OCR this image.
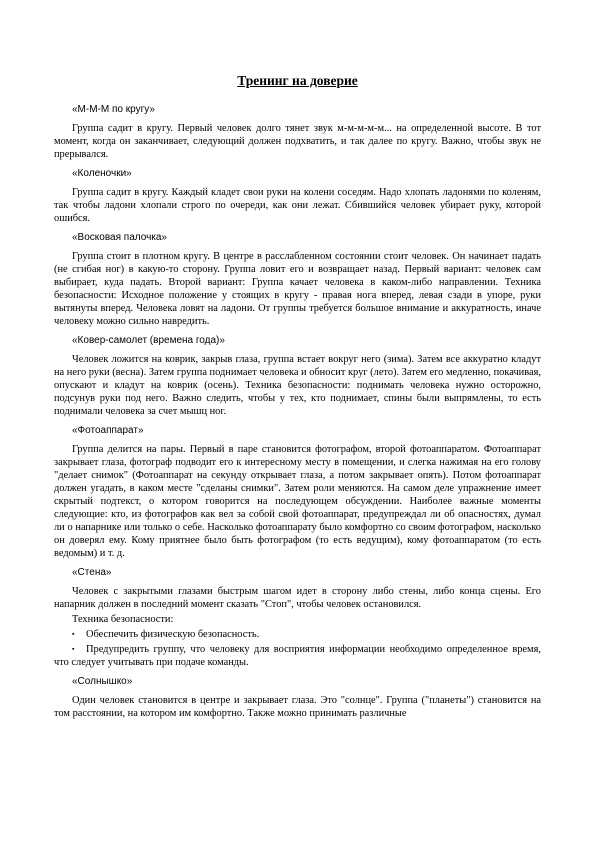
Тренинг на доверие
«М-М-М по кругу»

Группа садит в кругу. Первый человек долго тянет звук м-м-м-м-м... на определенной высоте. В тот момент, когда он заканчивает, следующий должен подхватить, и так далее по кругу. Важно, чтобы звук не прерывался.

«Коленочки»

Группа садит в кругу. Каждый кладет свои руки на колени соседям. Надо хлопать ладонями по коленям, так чтобы ладони хлопали строго по очереди, как они лежат. Сбившийся человек убирает руку, которой ошибся.

«Восковая палочка»

Группа стоит в плотном кругу. В центре в расслабленном состоянии стоит человек. Он начинает падать (не сгибая ног) в какую-то сторону. Группа ловит его и возвращает назад. Первый вариант: человек сам выбирает, куда падать. Второй вариант: Группа качает человека в каком-либо направлении. Техника безопасности: Исходное положение у стоящих в кругу - правая нога вперед, левая сзади в упоре, руки вытянуты вперед. Человека ловят на ладони. От группы требуется большое внимание и аккуратность, иначе человеку можно сильно навредить.

«Ковер-самолет (времена года)»

Человек ложится на коврик, закрыв глаза, группа встает вокруг него (зима). Затем все аккуратно кладут на него руки (весна). Затем группа поднимает человека и обносит круг (лето). Затем его медленно, покачивая, опускают и кладут на коврик (осень). Техника безопасности: поднимать человека нужно осторожно, подсунув руки под него. Важно следить, чтобы у тех, кто поднимает, спины были выпрямлены, то есть поднимали человека за счет мышц ног.

«Фотоаппарат»

Группа делится на пары. Первый в паре становится фотографом, второй фотоаппаратом. Фотоаппарат закрывает глаза, фотограф подводит его к интересному месту в помещении, и слегка нажимая на его голову "делает снимок" (Фотоаппарат на секунду открывает глаза, а потом закрывает опять). Потом фотоаппарат должен угадать, в каком месте "сделаны снимки". Затем роли меняются. На самом деле упражнение имеет скрытый подтекст, о котором говорится на последующем обсуждении. Наиболее важные моменты следующие: кто, из фотографов как вел за собой свой фотоаппарат, предупреждал ли об опасностях, думал ли о напарнике или только о себе. Насколько фотоаппарату было комфортно со своим фотографом, насколько он доверял ему. Кому приятнее было быть фотографом (то есть ведущим), кому фотоаппаратом (то есть ведомым) и т. д.

«Стена»

Человек с закрытыми глазами быстрым шагом идет в сторону либо стены, либо конца сцены. Его напарник должен в последний момент сказать "Стоп", чтобы человек остановился.

Техника безопасности:

▪ Обеспечить физическую безопасность.

▪ Предупредить группу, что человеку для восприятия информации необходимо определенное время, что следует учитывать при подаче команды.

«Солнышко»

Один человек становится в центре и закрывает глаза. Это "солнце". Группа ("планеты") становится на том расстоянии, на котором им комфортно. Также можно принимать различные
